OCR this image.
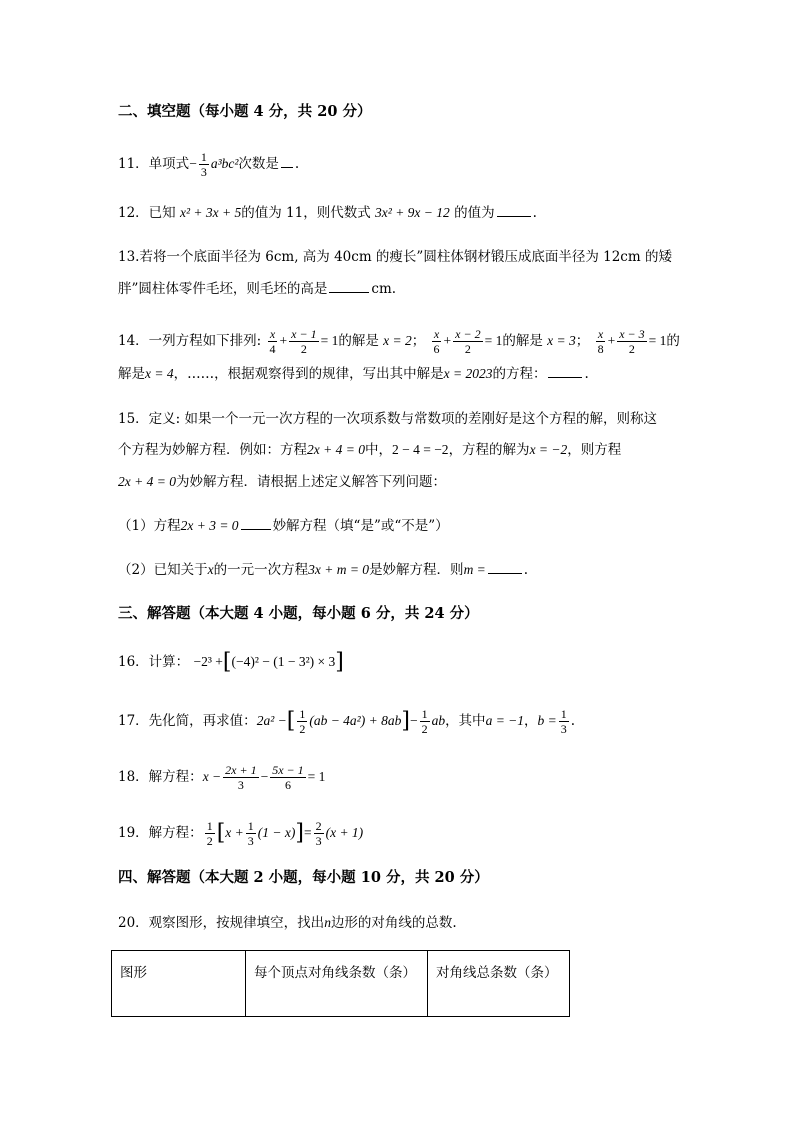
二、填空题（每小题 4 分，共 20 分）
11．单项式− $\frac{1}{3} a^3bc^2$次数是 .
12．已知 x² + 3x + 5的值为 11，则代数式 3x² + 9x − 12 的值为	.
13.若将一个底面半径为 6cm, 高为 40cm 的瘦长”圆柱体钢材锻压成底面半径为 12cm 的矮
胖”圆柱体零件毛坯，则毛坯的高是	cm.
14．一列方程如下排列: $\frac{x}{4} + \frac{x - 1}{2} = 1$的解是 x = 2； $\frac{x}{6} + \frac{x - 2}{2} = 1$的解是 x = 3； $\frac{x}{8} + \frac{x - 3}{2} = 1$的
解是x = 4，……，根据观察得到的规律，写出其中解是x = 2023的方程：	.
15．定义: 如果一个一元一次方程的一次项系数与常数项的差刚好是这个方程的解，则称这
个方程为妙解方程．例如：方程2x + 4 = 0中，2 − 4 = −2，方程的解为x = −2，则方程
2x + 4 = 0为妙解方程．请根据上述定义解答下列问题：
（1）方程2x + 3 = 0	妙解方程（填“是”或“不是”）
（2）已知关于x的一元一次方程3x + m = 0是妙解方程．则m =	.
三、解答题（本大题 4 小题，每小题 6 分，共 24 分）
16．计算： −2³ +[(−4)² − (1 − 3²) × 3]
17．先化简，再求值：2a² −[ $\frac{1}{2} (ab - 4a^2) + 8ab]- \frac{1}{2}$ ab，其中a = −1，$b = \frac{1}{3}$ .
18．解方程：$x - \frac{2x + 1}{3} - \frac{5x - 1}{6} = 1$
19．解方程： $\frac{1}{2} [x + \frac{1}{3} (1 - x)]= \frac{2}{3} (x + 1)$
四、解答题（本大题 2 小题，每小题 10 分，共 20 分）
20．观察图形，按规律填空，找出n边形的对角线的总数.
图形	每个顶点对角线条数（条）	对角线总条数（条）
